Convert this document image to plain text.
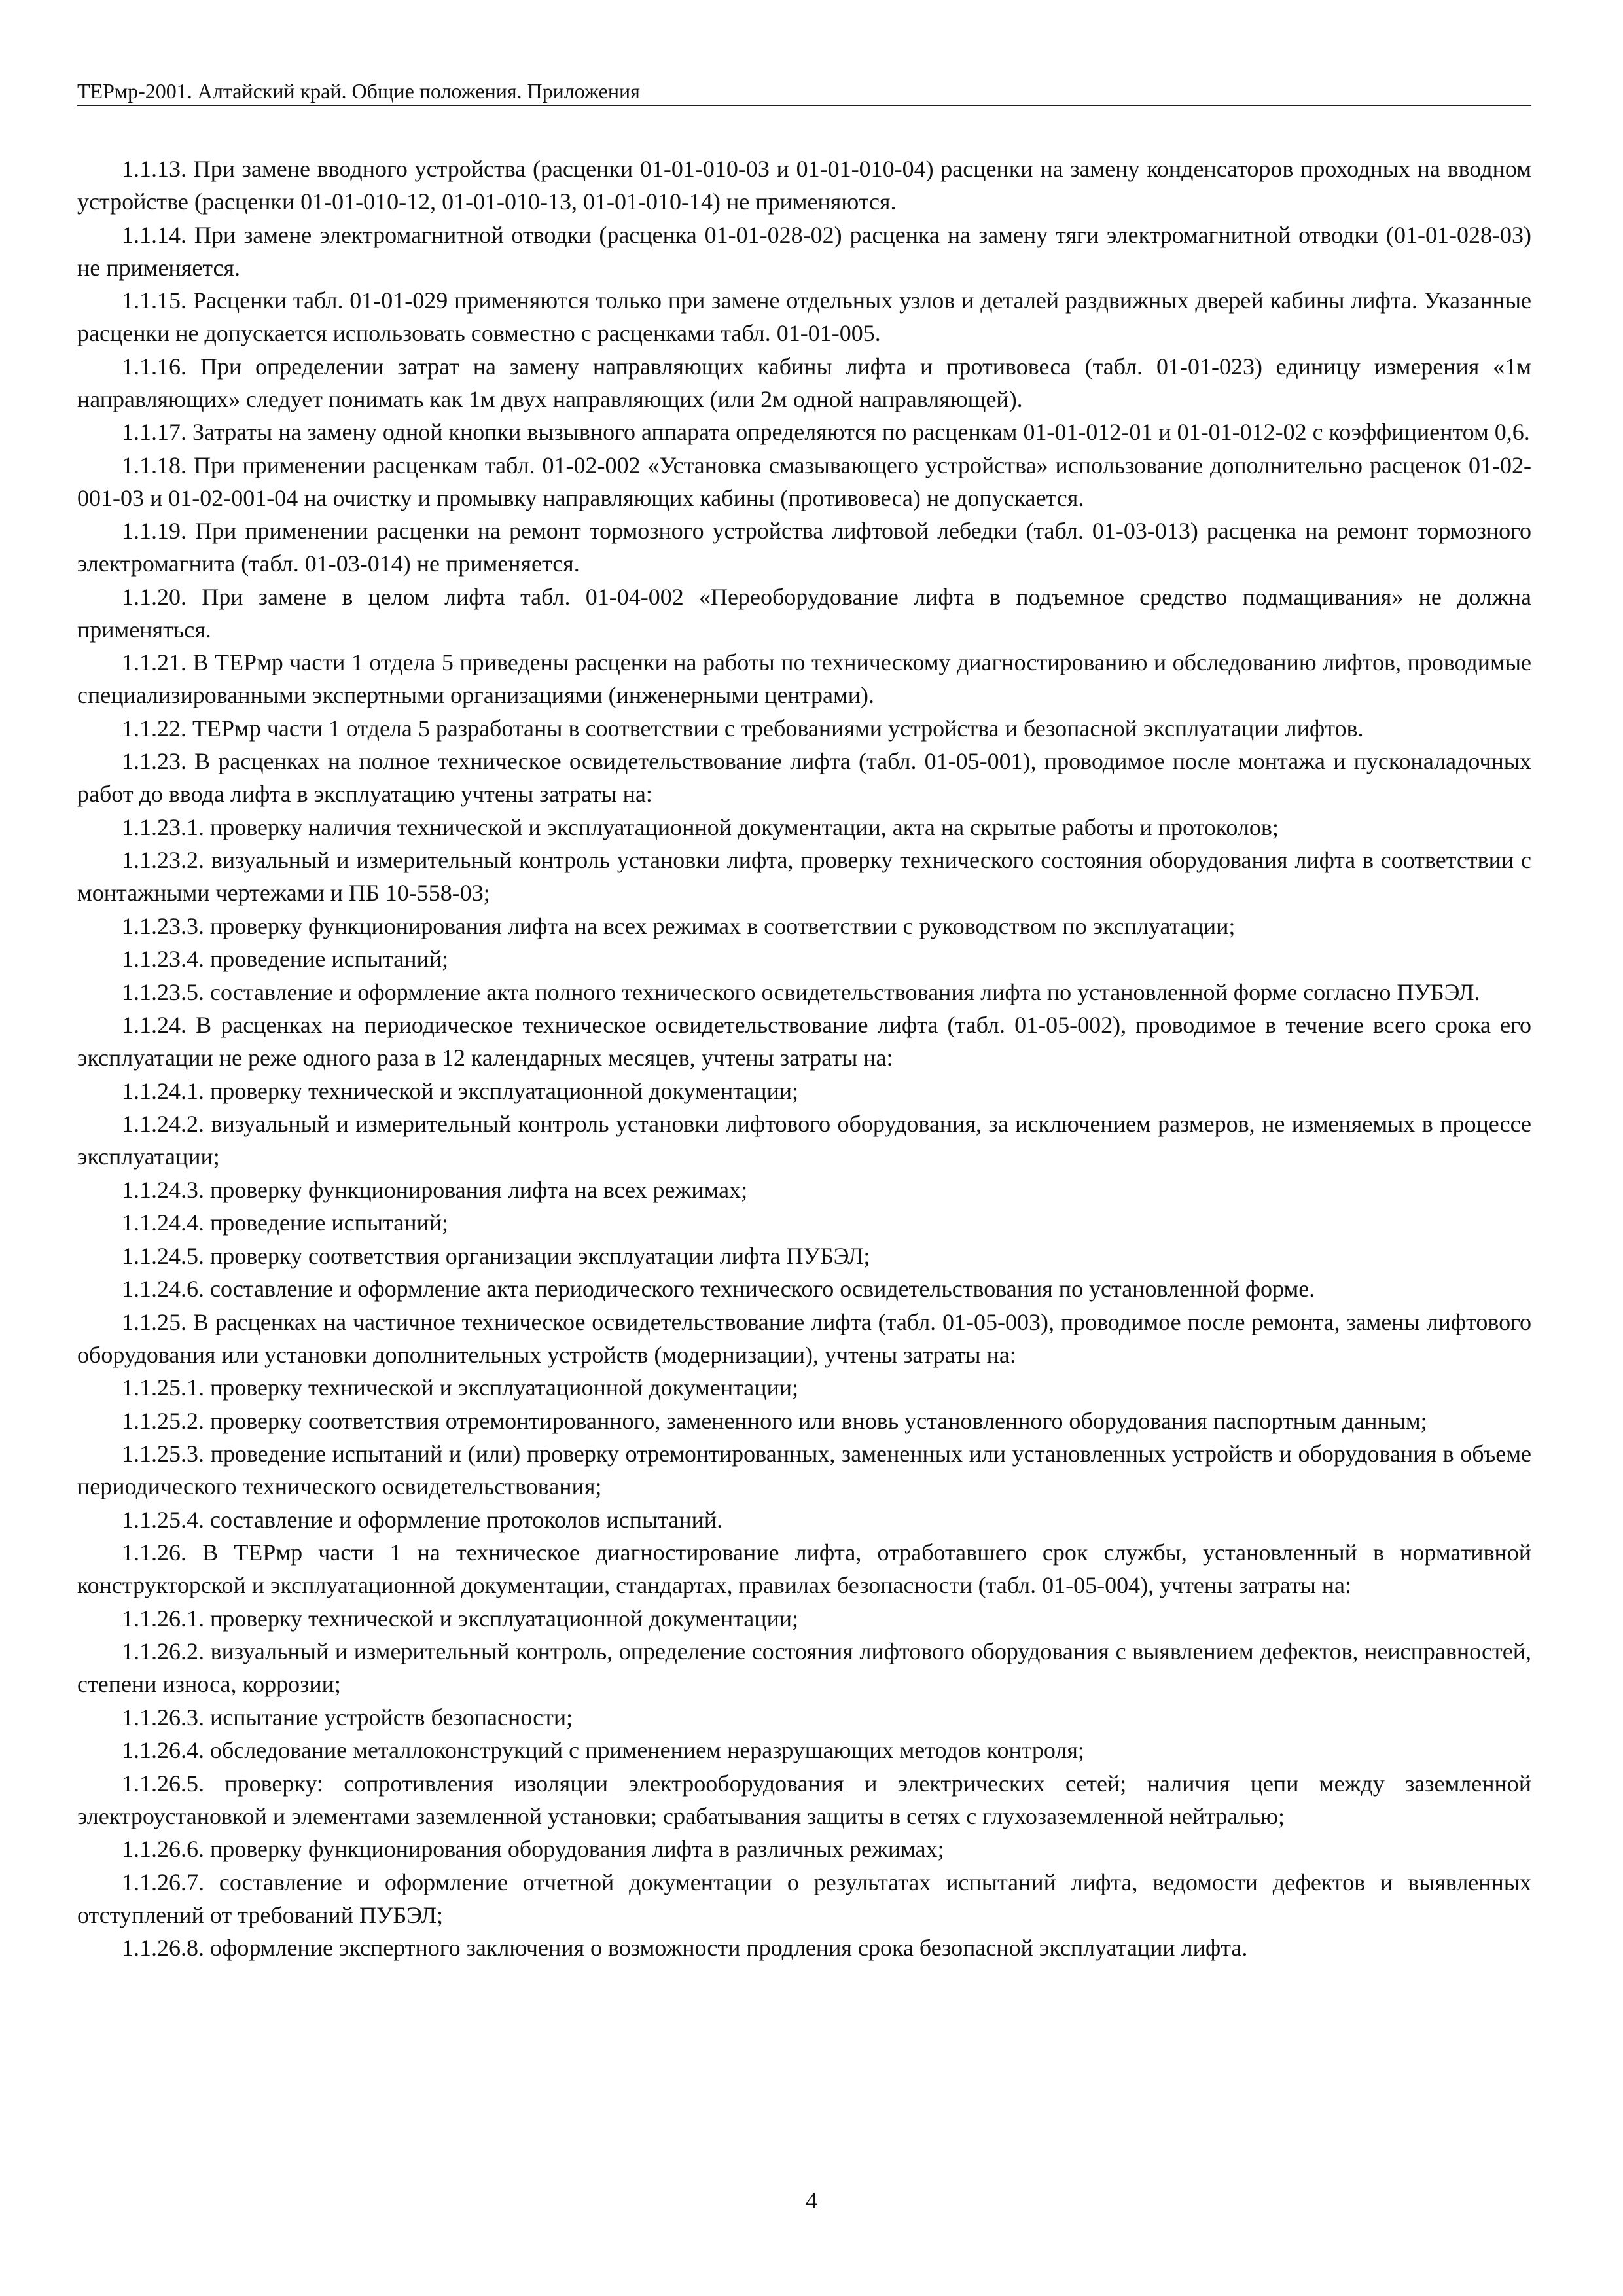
ТЕРмр-2001. Алтайский край. Общие положения. Приложения

1.1.13. При замене вводного устройства (расценки 01-01-010-03 и 01-01-010-04) расценки на замену конденсаторов проходных на вводном устройстве (расценки 01-01-010-12, 01-01-010-13, 01-01-010-14) не применяются.

1.1.14. При замене электромагнитной отводки (расценка 01-01-028-02) расценка на замену тяги электромагнитной отводки (01-01-028-03) не применяется.

1.1.15. Расценки табл. 01-01-029 применяются только при замене отдельных узлов и деталей раздвижных дверей кабины лифта. Указанные расценки не допускается использовать совместно с расценками табл. 01-01-005.

1.1.16. При определении затрат на замену направляющих кабины лифта и противовеса (табл. 01-01-023) единицу измерения «1м направляющих» следует понимать как 1м двух направляющих (или 2м одной направляющей).

1.1.17. Затраты на замену одной кнопки вызывного аппарата определяются по расценкам 01-01-012-01 и 01-01-012-02 с коэффициентом 0,6.

1.1.18. При применении расценкам табл. 01-02-002 «Установка смазывающего устройства» использование дополнительно расценок 01-02-001-03 и 01-02-001-04 на очистку и промывку направляющих кабины (противовеса) не допускается.

1.1.19. При применении расценки на ремонт тормозного устройства лифтовой лебедки (табл. 01-03-013) расценка на ремонт тормозного электромагнита (табл. 01-03-014) не применяется.

1.1.20. При замене в целом лифта табл. 01-04-002 «Переоборудование лифта в подъемное средство подмащивания» не должна применяться.

1.1.21. В ТЕРмр части 1 отдела 5 приведены расценки на работы по техническому диагностированию и обследованию лифтов, проводимые специализированными экспертными организациями (инженерными центрами).

1.1.22. ТЕРмр части 1 отдела 5 разработаны в соответствии с требованиями устройства и безопасной эксплуатации лифтов.

1.1.23. В расценках на полное техническое освидетельствование лифта (табл. 01-05-001), проводимое после монтажа и пусконаладочных работ до ввода лифта в эксплуатацию учтены затраты на:

1.1.23.1. проверку наличия технической и эксплуатационной документации, акта на скрытые работы и протоколов;

1.1.23.2. визуальный и измерительный контроль установки лифта, проверку технического состояния оборудования лифта в соответствии с монтажными чертежами и ПБ 10-558-03;

1.1.23.3. проверку функционирования лифта на всех режимах в соответствии с руководством по эксплуатации;

1.1.23.4. проведение испытаний;

1.1.23.5. составление и оформление акта полного технического освидетельствования лифта по установленной форме согласно ПУБЭЛ.

1.1.24. В расценках на периодическое техническое освидетельствование лифта (табл. 01-05-002), проводимое в течение всего срока его эксплуатации не реже одного раза в 12 календарных месяцев, учтены затраты на:

1.1.24.1. проверку технической и эксплуатационной документации;

1.1.24.2. визуальный и измерительный контроль установки лифтового оборудования, за исключением размеров, не изменяемых в процессе эксплуатации;

1.1.24.3. проверку функционирования лифта на всех режимах;

1.1.24.4. проведение испытаний;

1.1.24.5. проверку соответствия организации эксплуатации лифта ПУБЭЛ;

1.1.24.6. составление и оформление акта периодического технического освидетельствования по установленной форме.

1.1.25. В расценках на частичное техническое освидетельствование лифта (табл. 01-05-003), проводимое после ремонта, замены лифтового оборудования или установки дополнительных устройств (модернизации), учтены затраты на:

1.1.25.1. проверку технической и эксплуатационной документации;

1.1.25.2. проверку соответствия отремонтированного, замененного или вновь установленного оборудования паспортным данным;

1.1.25.3. проведение испытаний и (или) проверку отремонтированных, замененных или установленных устройств и оборудования в объеме периодического технического освидетельствования;

1.1.25.4. составление и оформление протоколов испытаний.

1.1.26. В ТЕРмр части 1 на техническое диагностирование лифта, отработавшего срок службы, установленный в нормативной конструкторской и эксплуатационной документации, стандартах, правилах безопасности (табл. 01-05-004), учтены затраты на:

1.1.26.1. проверку технической и эксплуатационной документации;

1.1.26.2. визуальный и измерительный контроль, определение состояния лифтового оборудования с выявлением дефектов, неисправностей, степени износа, коррозии;

1.1.26.3. испытание устройств безопасности;

1.1.26.4. обследование металлоконструкций с применением неразрушающих методов контроля;

1.1.26.5. проверку: сопротивления изоляции электрооборудования и электрических сетей; наличия цепи между заземленной электроустановкой и элементами заземленной установки; срабатывания защиты в сетях с глухозаземленной нейтралью;

1.1.26.6. проверку функционирования оборудования лифта в различных режимах;

1.1.26.7. составление и оформление отчетной документации о результатах испытаний лифта, ведомости дефектов и выявленных отступлений от требований ПУБЭЛ;

1.1.26.8. оформление экспертного заключения о возможности продления срока безопасной эксплуатации лифта.

4
